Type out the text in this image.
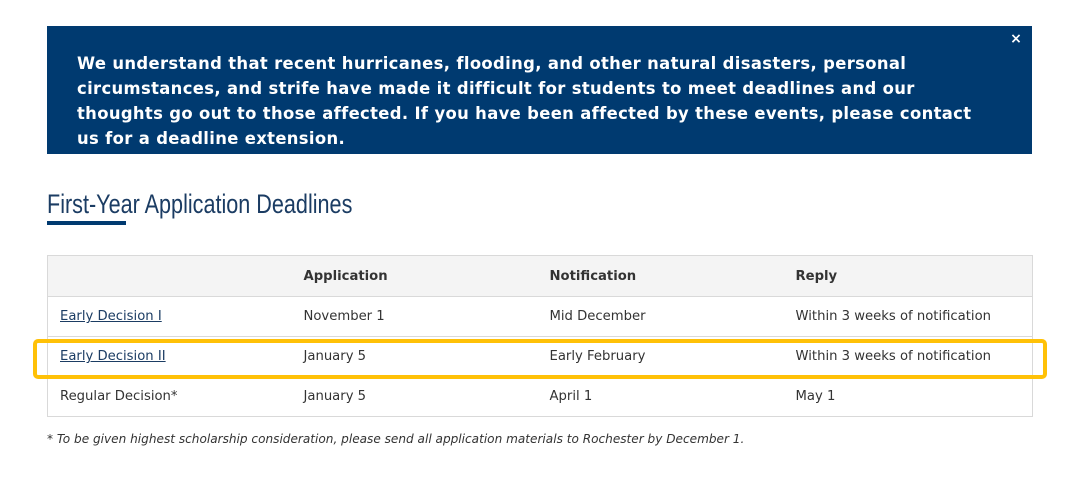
We understand that recent hurricanes, flooding, and other natural disasters, personal circumstances, and strife have made it difficult for students to meet deadlines and our thoughts go out to those affected. If you have been affected by these events, please contact us for a deadline extension.

×
First-Year Application Deadlines
	Application	Notification	Reply
Early Decision I	November 1	Mid December	Within 3 weeks of notification
Early Decision II	January 5	Early February	Within 3 weeks of notification
Regular Decision*	January 5	April 1	May 1

* To be given highest scholarship consideration, please send all application materials to Rochester by December 1.
